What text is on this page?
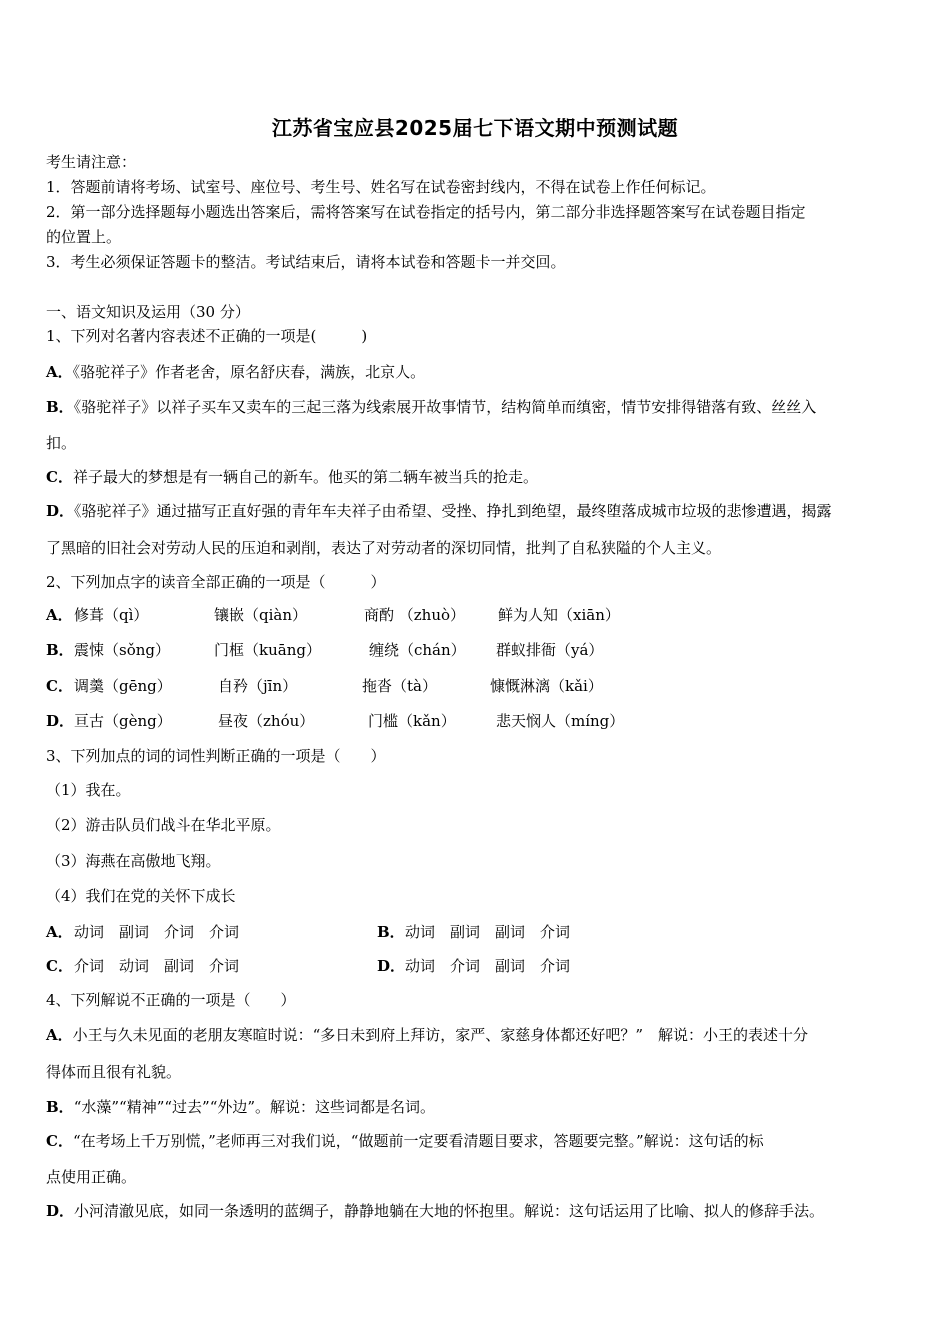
江苏省宝应县2025届七下语文期中预测试题
考生请注意：
1．答题前请将考场、试室号、座位号、考生号、姓名写在试卷密封线内，不得在试卷上作任何标记。
2．第一部分选择题每小题选出答案后，需将答案写在试卷指定的括号内，第二部分非选择题答案写在试卷题目指定
的位置上。
3．考生必须保证答题卡的整洁。考试结束后，请将本试卷和答题卡一并交回。
一、语文知识及运用（30 分）
1、下列对名著内容表述不正确的一项是(　　　)
A．《骆驼祥子》作者老舍，原名舒庆春，满族，北京人。
B．《骆驼祥子》以祥子买车又卖车的三起三落为线索展开故事情节，结构简单而缜密，情节安排得错落有致、丝丝入
扣。
C．祥子最大的梦想是有一辆自己的新车。他买的第二辆车被当兵的抢走。
D．《骆驼祥子》通过描写正直好强的青年车夫祥子由希望、受挫、挣扎到绝望，最终堕落成城市垃圾的悲惨遭遇，揭露
了黑暗的旧社会对劳动人民的压迫和剥削，表达了对劳动者的深切同情，批判了自私狭隘的个人主义。
2、下列加点字的读音全部正确的一项是（　　　）
A． 修葺（qì）	镶嵌（qiàn）	商酌 （zhuò） 鲜为人知（xiān）
B． 震悚（sǒng）	门框（kuāng）	缠绕（chán） 群蚁排衙（yá）
C． 调羹（gēng）	自矜（jīn）	拖沓（tà）	慷慨淋漓（kǎi）
D． 亘古（gèng）	昼夜（zhóu）	门槛（kǎn）	悲天悯人（míng）
3、下列加点的词的词性判断正确的一项是（　　）
（1）我在。
（2）游击队员们战斗在华北平原。
（3）海燕在高傲地飞翔。
（4）我们在党的关怀下成长
A． 动词　副词　介词　介词	B． 动词　副词　副词　介词
C． 介词　动词　副词　介词	D． 动词　介词　副词　介词
4、下列解说不正确的一项是（　　）
A．小王与久未见面的老朋友寒暄时说：“多日未到府上拜访，家严、家慈身体都还好吧？”　解说：小王的表述十分
得体而且很有礼貌。
B．“水藻”“精神”“过去”“外边”。解说：这些词都是名词。
C．“在考场上千万别慌，”老师再三对我们说，“做题前一定要看清题目要求，答题要完整。”解说：这句话的标
点使用正确。
D．小河清澈见底，如同一条透明的蓝绸子，静静地躺在大地的怀抱里。解说：这句话运用了比喻、拟人的修辞手法。
